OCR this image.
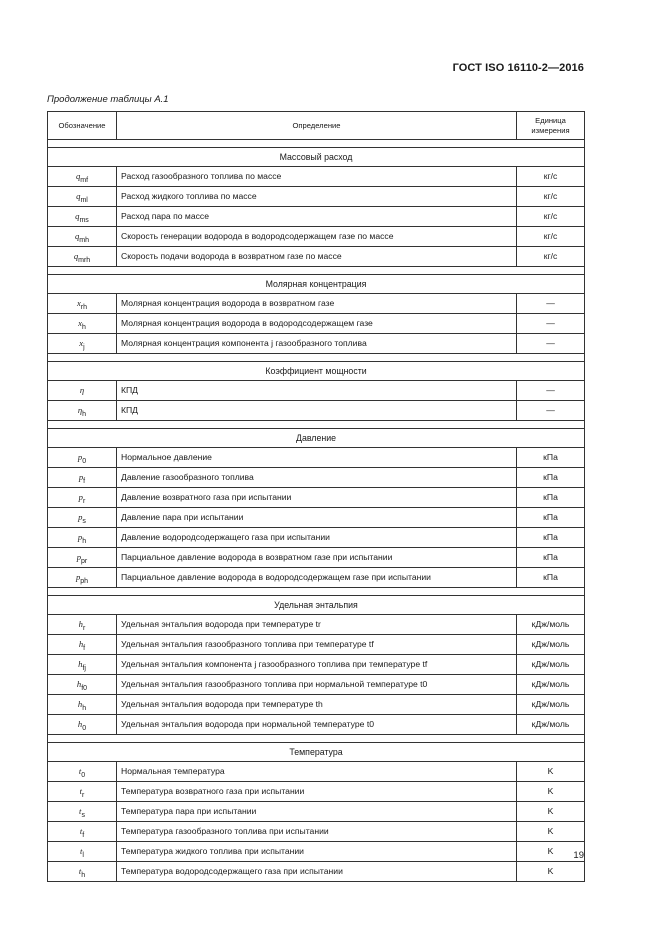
ГОСТ ISO 16110-2—2016
Продолжение таблицы А.1
Обозначение	Определение	Единица
измерения

Массовый расход		
$q_{mf}$	Расход газообразного топлива по массе	кг/с
$q_{ml}$	Расход жидкого топлива по массе	кг/с
$q_{ms}$	Расход пара по массе	кг/с
$q_{mh}$	Скорость генерации водорода в водородсодержащем газе по массе	кг/с
$q_{mrh}$	Скорость подачи водорода в возвратном газе по массе	кг/с

Молярная концентрация		
$x_{rh}$	Молярная концентрация водорода в возвратном газе	—
$x_h$	Молярная концентрация водорода в водородсодержащем газе	—
$x_j$	Молярная концентрация компонента j газообразного топлива	—

Коэффициент мощности		
η	КПД	—
$\eta_h$	КПД	—

Давление		
$p_0$	Нормальное давление	кПа
$p_f$	Давление газообразного топлива	кПа
$p_r$	Давление возвратного газа при испытании	кПа
$p_s$	Давление пара при испытании	кПа
$p_h$	Давление водородсодержащего газа при испытании	кПа
$p_{pr}$	Парциальное давление водорода в возвратном газе при испытании	кПа
$p_{ph}$	Парциальное давление водорода в водородсодержащем газе при испытании	кПа

Удельная энтальпия		
$h_r$	Удельная энтальпия водорода при температуре tr	кДж/моль
$h_f$	Удельная энтальпия газообразного топлива при температуре tf	кДж/моль
$h_{fj}$	Удельная энтальпия компонента j газообразного топлива при температуре tf	кДж/моль
$h_{f0}$	Удельная энтальпия газообразного топлива при нормальной температуре t0	кДж/моль
$h_h$	Удельная энтальпия водорода при температуре th	кДж/моль
$h_0$	Удельная энтальпия водорода при нормальной температуре t0	кДж/моль

Температура		
$t_0$	Нормальная температура	K
$t_r$	Температура возвратного газа при испытании	K
$t_s$	Температура пара при испытании	K
$t_f$	Температура газообразного топлива при испытании	K
$t_l$	Температура жидкого топлива при испытании	K
$t_h$	Температура водородсодержащего газа при испытании	K
19
